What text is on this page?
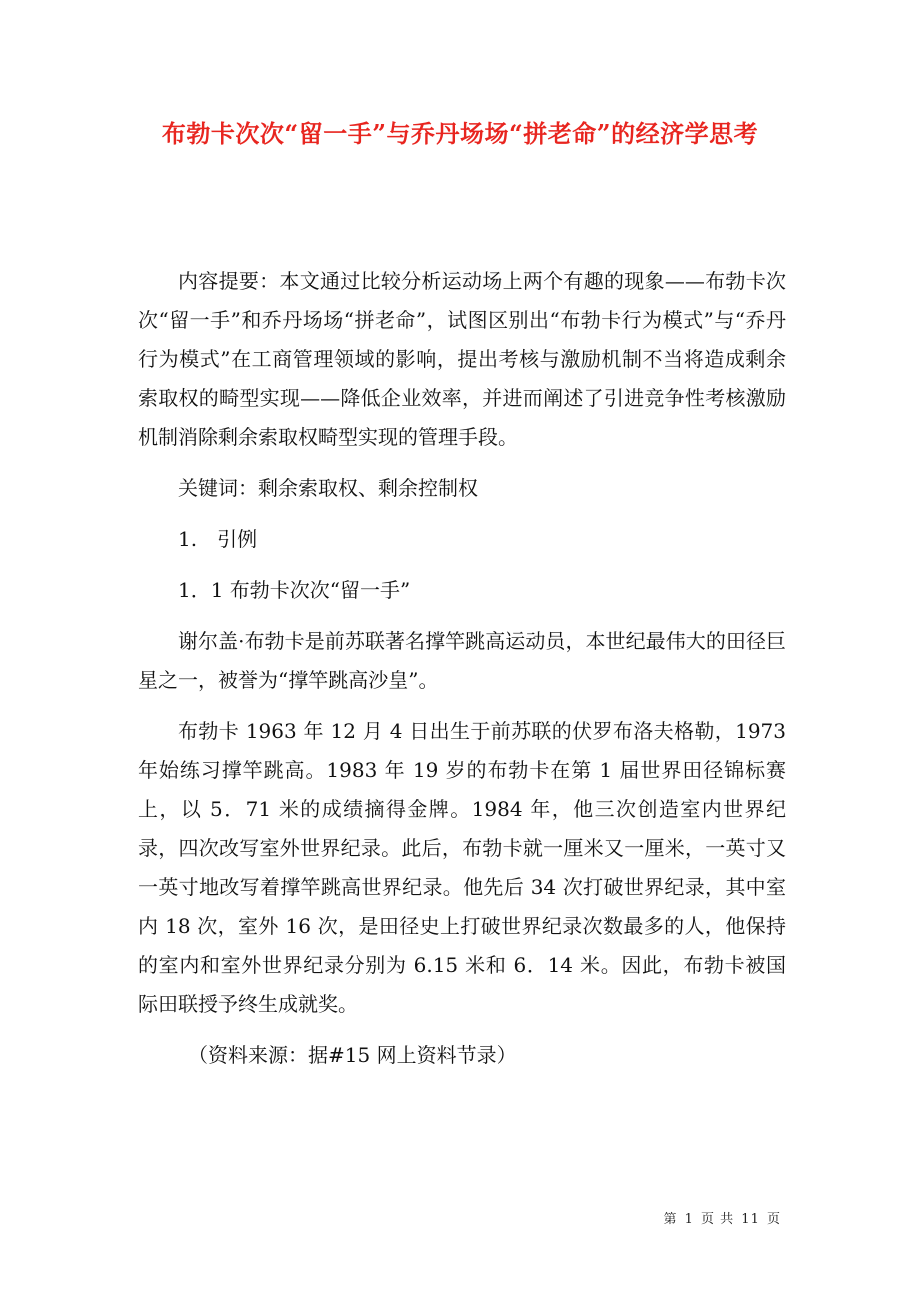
布勃卡次次“留一手”与乔丹场场“拼老命”的经济学思考

内容提要：本文通过比较分析运动场上两个有趣的现象——布勃卡次次“留一手”和乔丹场场“拼老命”，试图区别出“布勃卡行为模式”与“乔丹行为模式”在工商管理领域的影响，提出考核与激励机制不当将造成剩余索取权的畸型实现——降低企业效率，并进而阐述了引进竞争性考核激励机制消除剩余索取权畸型实现的管理手段。

关键词：剩余索取权、剩余控制权

1.　引例

1．1 布勃卡次次“留一手”

谢尔盖·布勃卡是前苏联著名撑竿跳高运动员，本世纪最伟大的田径巨星之一，被誉为“撑竿跳高沙皇”。

布勃卡 1963 年 12 月 4 日出生于前苏联的伏罗布洛夫格勒，1973 年始练习撑竿跳高。1983 年 19 岁的布勃卡在第 1 届世界田径锦标赛上，以 5．71 米的成绩摘得金牌。1984 年，他三次创造室内世界纪录，四次改写室外世界纪录。此后，布勃卡就一厘米又一厘米，一英寸又一英寸地改写着撑竿跳高世界纪录。他先后 34 次打破世界纪录，其中室内 18 次，室外 16 次，是田径史上打破世界纪录次数最多的人，他保持的室内和室外世界纪录分别为 6.15 米和 6．14 米。因此，布勃卡被国际田联授予终生成就奖。

（资料来源：据#15 网上资料节录）

第 1 页 共 11 页
